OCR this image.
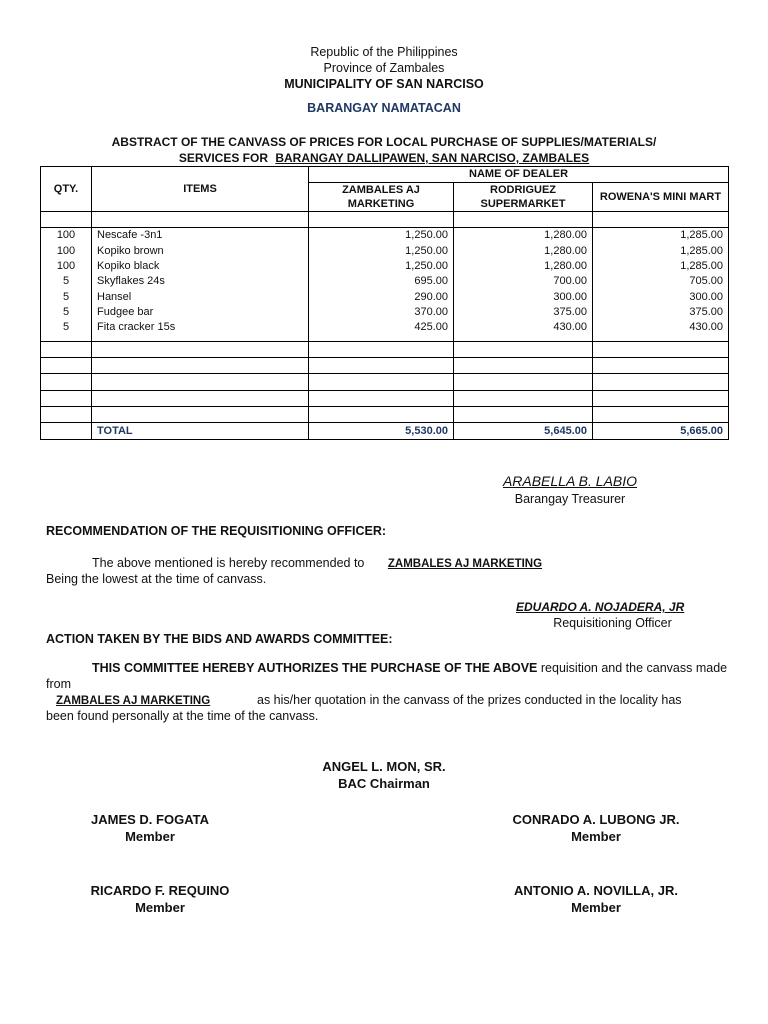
Republic of the Philippines
Province of Zambales
MUNICIPALITY OF SAN NARCISO
BARANGAY NAMATACAN
ABSTRACT OF THE CANVASS OF PRICES FOR LOCAL PURCHASE OF SUPPLIES/MATERIALS/
SERVICES FOR BARANGAY DALLIPAWEN, SAN NARCISO, ZAMBALES
QTY.	ITEMS	NAME OF DEALER		
		ZAMBALES AJ MARKETING	RODRIGUEZ SUPERMARKET	ROWENA'S MINI MART

100	Nescafe -3n1	1,250.00	1,280.00	1,285.00
100	Kopiko brown	1,250.00	1,280.00	1,285.00
100	Kopiko black	1,250.00	1,280.00	1,285.00
5	Skyflakes 24s	695.00	700.00	705.00
5	Hansel	290.00	300.00	300.00
5	Fudgee bar	370.00	375.00	375.00
5	Fita cracker 15s	425.00	430.00	430.00

	TOTAL	5,530.00	5,645.00	5,665.00
ARABELLA B. LABIO
Barangay Treasurer
RECOMMENDATION OF THE REQUISITIONING OFFICER:
The above mentioned is hereby recommended to ZAMBALES AJ MARKETING
Being the lowest at the time of canvass.
EDUARDO A. NOJADERA, JR
Requisitioning Officer
ACTION TAKEN BY THE BIDS AND AWARDS COMMITTEE:
THIS COMMITTEE HEREBY AUTHORIZES THE PURCHASE OF THE ABOVE requisition and the canvass made
from
ZAMBALES AJ MARKETING	as his/her quotation in the canvass of the prizes conducted in the locality has
been found personally at the time of the canvass.
ANGEL L. MON, SR.
BAC Chairman
JAMES D. FOGATA
Member
CONRADO A. LUBONG JR.
Member
RICARDO F. REQUINO
Member
ANTONIO A. NOVILLA, JR.
Member
